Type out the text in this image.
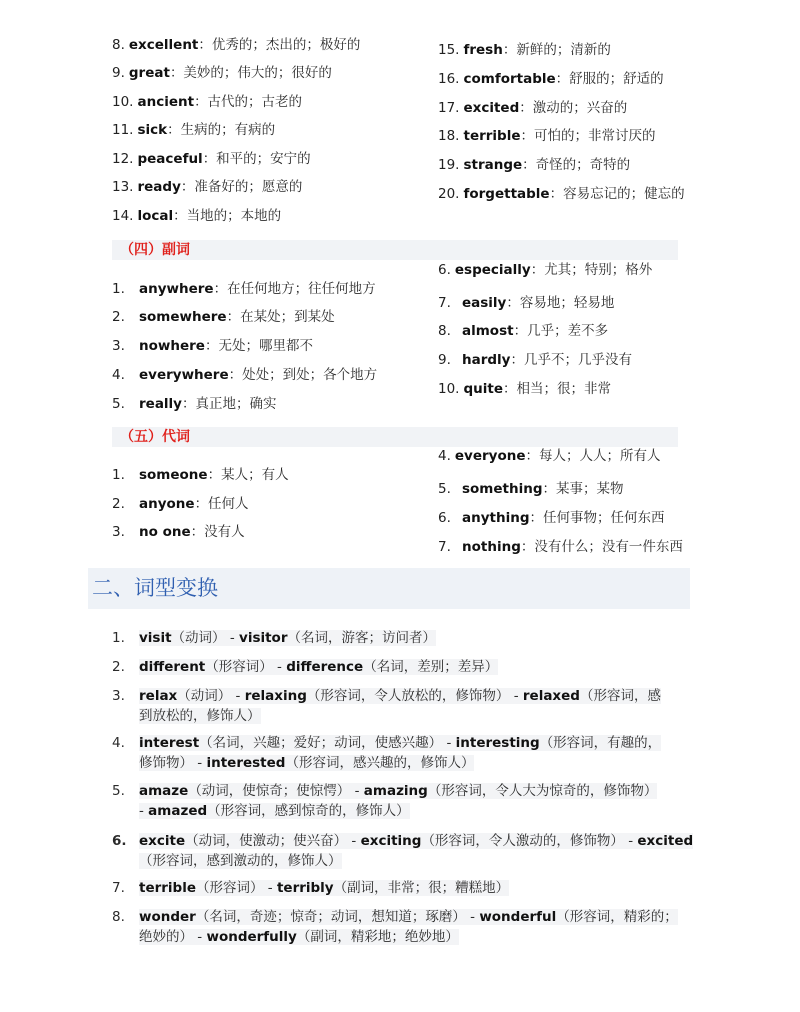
8. excellent：优秀的；杰出的；极好的
9. great：美妙的；伟大的；很好的
10. ancient：古代的；古老的
11. sick：生病的；有病的
12. peaceful：和平的；安宁的
13. ready：准备好的；愿意的
14. local：当地的；本地的
15. fresh：新鲜的；清新的
16. comfortable：舒服的；舒适的
17. excited：激动的；兴奋的
18. terrible：可怕的；非常讨厌的
19. strange：奇怪的；奇特的
20. forgettable：容易忘记的；健忘的
（四）副词
1. anywhere：在任何地方；往任何地方
2. somewhere：在某处；到某处
3. nowhere：无处；哪里都不
4. everywhere：处处；到处；各个地方
5. really：真正地；确实
6. especially：尤其；特别；格外
7. easily：容易地；轻易地
8. almost：几乎；差不多
9. hardly：几乎不；几乎没有
10. quite：相当；很；非常
（五）代词
1. someone：某人；有人
2. anyone：任何人
3. no one：没有人
4. everyone：每人；人人；所有人
5. something：某事；某物
6. anything：任何事物；任何东西
7. nothing：没有什么；没有一件东西
二、词型变换
1.	visit（动词） - visitor（名词，游客；访问者）
2.	different（形容词） - difference（名词，差别；差异）
3.	relax（动词） - relaxing（形容词，令人放松的，修饰物） - relaxed（形容词，感
到放松的，修饰人）
4.	interest（名词，兴趣；爱好；动词，使感兴趣） - interesting（形容词，有趣的，
修饰物） - interested（形容词，感兴趣的，修饰人）
5.	amaze（动词，使惊奇；使惊愕） - amazing（形容词，令人大为惊奇的，修饰物）
- amazed（形容词，感到惊奇的，修饰人）
6. excite（动词，使激动；使兴奋） - exciting（形容词，令人激动的，修饰物） - excited
（形容词，感到激动的，修饰人）
7.	terrible（形容词） - terribly（副词，非常；很；糟糕地）
8.	wonder（名词，奇迹；惊奇；动词，想知道；琢磨） - wonderful（形容词，精彩的；
绝妙的） - wonderfully（副词，精彩地；绝妙地）
